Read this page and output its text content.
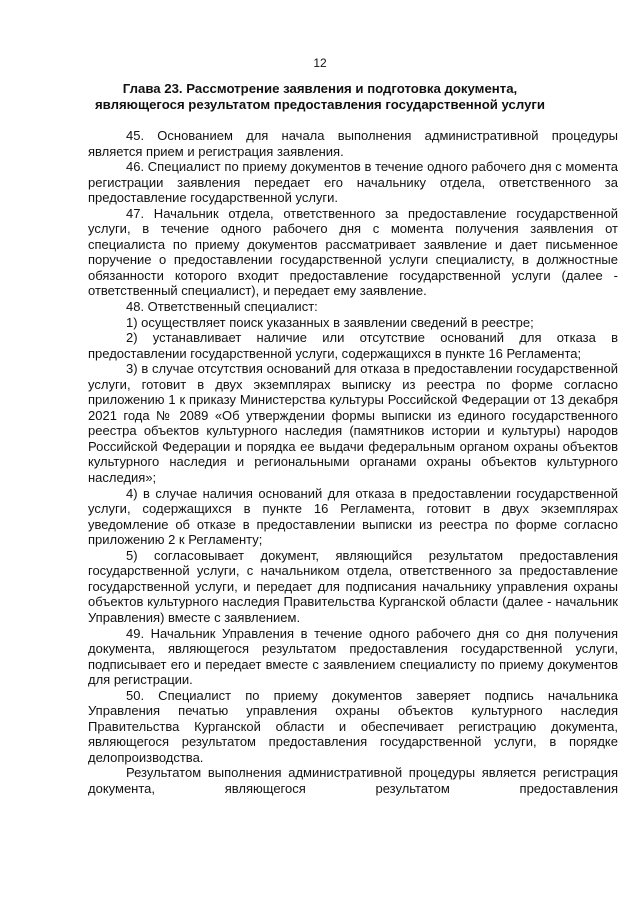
12
Глава 23. Рассмотрение заявления и подготовка документа,
являющегося результатом предоставления государственной услуги

45. Основанием для начала выполнения административной процедуры является прием и регистрация заявления.

46. Специалист по приему документов в течение одного рабочего дня с момента регистрации заявления передает его начальнику отдела, ответственного за предоставление государственной услуги.

47. Начальник отдела, ответственного за предоставление государственной услуги, в течение одного рабочего дня с момента получения заявления от специалиста по приему документов рассматривает заявление и дает письменное поручение о предоставлении государственной услуги специалисту, в должностные обязанности которого входит предоставление государственной услуги (далее - ответственный специалист), и передает ему заявление.

48. Ответственный специалист:

1) осуществляет поиск указанных в заявлении сведений в реестре;

2) устанавливает наличие или отсутствие оснований для отказа в предоставлении государственной услуги, содержащихся в пункте 16 Регламента;

3) в случае отсутствия оснований для отказа в предоставлении государственной услуги, готовит в двух экземплярах выписку из реестра по форме согласно приложению 1 к приказу Министерства культуры Российской Федерации от 13 декабря 2021 года № 2089 «Об утверждении формы выписки из единого государственного реестра объектов культурного наследия (памятников истории и культуры) народов Российской Федерации и порядка ее выдачи федеральным органом охраны объектов культурного наследия и региональными органами охраны объектов культурного наследия»;

4) в случае наличия оснований для отказа в предоставлении государственной услуги, содержащихся в пункте 16 Регламента, готовит в двух экземплярах уведомление об отказе в предоставлении выписки из реестра по форме согласно приложению 2 к Регламенту;

5) согласовывает документ, являющийся результатом предоставления государственной услуги, с начальником отдела, ответственного за предоставление государственной услуги, и передает для подписания начальнику управления охраны объектов культурного наследия Правительства Курганской области (далее - начальник Управления) вместе с заявлением.

49. Начальник Управления в течение одного рабочего дня со дня получения документа, являющегося результатом предоставления государственной услуги, подписывает его и передает вместе с заявлением специалисту по приему документов для регистрации.

50. Специалист по приему документов заверяет подпись начальника Управления печатью управления охраны объектов культурного наследия Правительства Курганской области и обеспечивает регистрацию документа, являющегося результатом предоставления государственной услуги, в порядке делопроизводства.

Результатом выполнения административной процедуры является регистрация документа, являющегося результатом предоставления
